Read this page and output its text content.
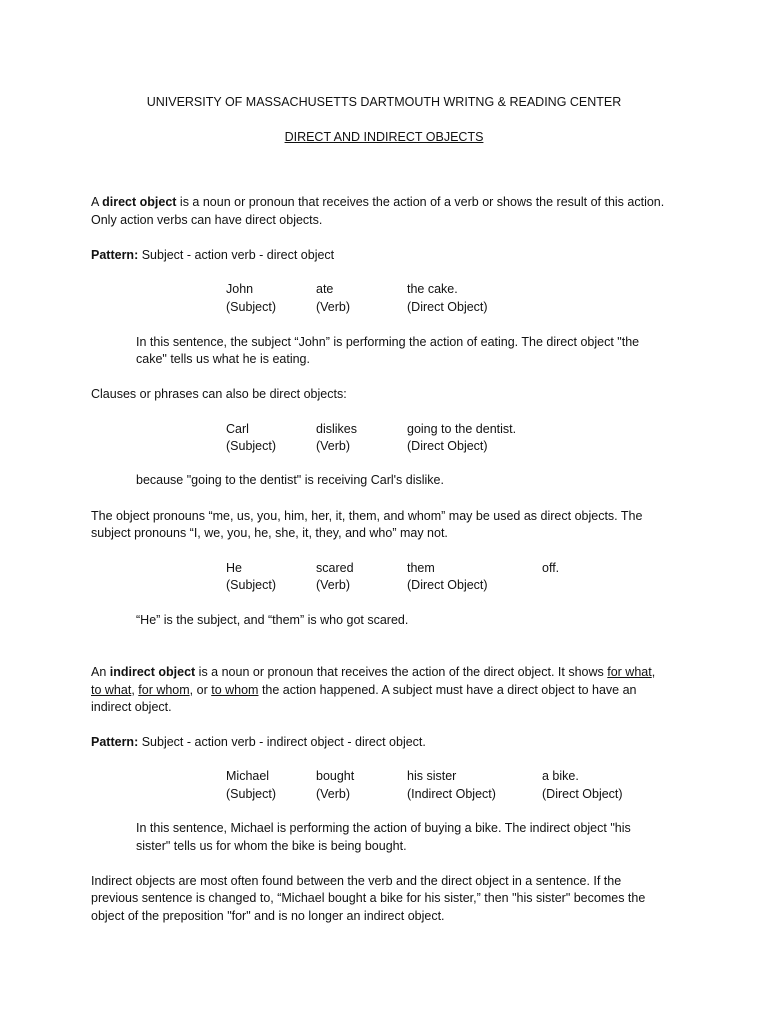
UNIVERSITY OF MASSACHUSETTS DARTMOUTH WRITNG & READING CENTER
DIRECT AND INDIRECT OBJECTS
A direct object is a noun or pronoun that receives the action of a verb or shows the result of this action.
Only action verbs can have direct objects.
Pattern: Subject - action verb - direct object
John	ate	the cake.
(Subject)	(Verb)	(Direct Object)
In this sentence, the subject “John” is performing the action of eating. The direct object "the
cake" tells us what he is eating.
Clauses or phrases can also be direct objects:
Carl	dislikes	going to the dentist.
(Subject)	(Verb)	(Direct Object)
because "going to the dentist" is receiving Carl's dislike.
The object pronouns “me, us, you, him, her, it, them, and whom” may be used as direct objects. The
subject pronouns “I, we, you, he, she, it, they, and who” may not.
He	scared	them	off.
(Subject)	(Verb)	(Direct Object)
“He” is the subject, and “them” is who got scared.
An indirect object is a noun or pronoun that receives the action of the direct object. It shows for what,
to what, for whom, or to whom the action happened. A subject must have a direct object to have an
indirect object.
Pattern: Subject - action verb - indirect object - direct object.
Michael	bought	his sister	a bike.
(Subject)	(Verb)	(Indirect Object)	(Direct Object)
In this sentence, Michael is performing the action of buying a bike. The indirect object "his
sister" tells us for whom the bike is being bought.
Indirect objects are most often found between the verb and the direct object in a sentence. If the
previous sentence is changed to, “Michael bought a bike for his sister,” then "his sister" becomes the
object of the preposition "for" and is no longer an indirect object.
